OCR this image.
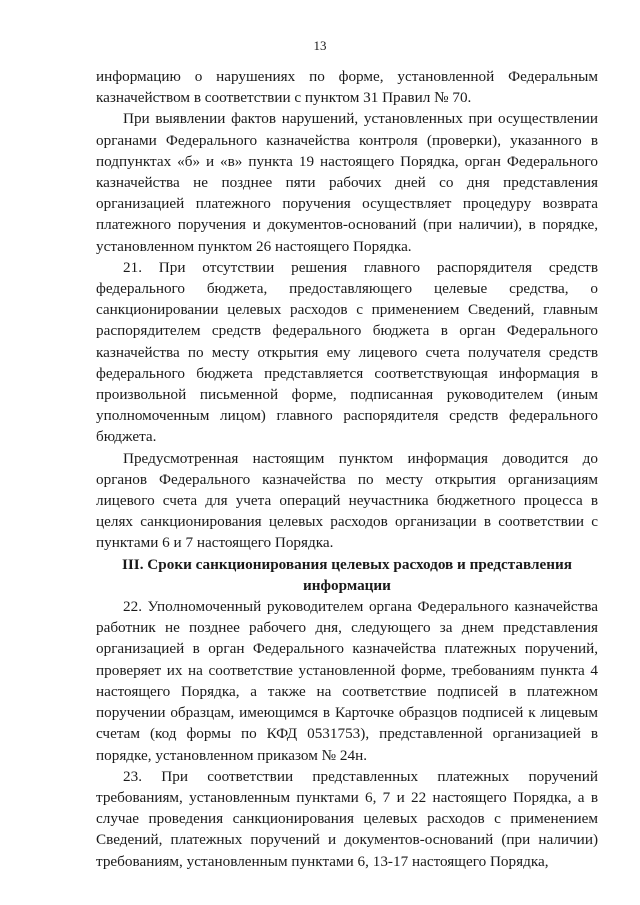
13

информацию о нарушениях по форме, установленной Федеральным казначейством в соответствии с пунктом 31 Правил № 70.

При выявлении фактов нарушений, установленных при осуществлении органами Федерального казначейства контроля (проверки), указанного в подпунктах «б» и «в» пункта 19 настоящего Порядка, орган Федерального казначейства не позднее пяти рабочих дней со дня представления организацией платежного поручения осуществляет процедуру возврата платежного поручения и документов-оснований (при наличии), в порядке, установленном пунктом 26 настоящего Порядка.

21. При отсутствии решения главного распорядителя средств федерального бюджета, предоставляющего целевые средства, о санкционировании целевых расходов с применением Сведений, главным распорядителем средств федерального бюджета в орган Федерального казначейства по месту открытия ему лицевого счета получателя средств федерального бюджета представляется соответствующая информация в произвольной письменной форме, подписанная руководителем (иным уполномоченным лицом) главного распорядителя средств федерального бюджета.

Предусмотренная настоящим пунктом информация доводится до органов Федерального казначейства по месту открытия организациям лицевого счета для учета операций неучастника бюджетного процесса в целях санкционирования целевых расходов организации в соответствии с пунктами 6 и 7 настоящего Порядка.

III. Сроки санкционирования целевых расходов и представления информации

22. Уполномоченный руководителем органа Федерального казначейства работник не позднее рабочего дня, следующего за днем представления организацией в орган Федерального казначейства платежных поручений, проверяет их на соответствие установленной форме, требованиям пункта 4 настоящего Порядка, а также на соответствие подписей в платежном поручении образцам, имеющимся в Карточке образцов подписей к лицевым счетам (код формы по КФД 0531753), представленной организацией в порядке, установленном приказом № 24н.

23. При соответствии представленных платежных поручений требованиям, установленным пунктами 6, 7 и 22 настоящего Порядка, а в случае проведения санкционирования целевых расходов с применением Сведений, платежных поручений и документов-оснований (при наличии) требованиям, установленным пунктами 6, 13-17 настоящего Порядка,
